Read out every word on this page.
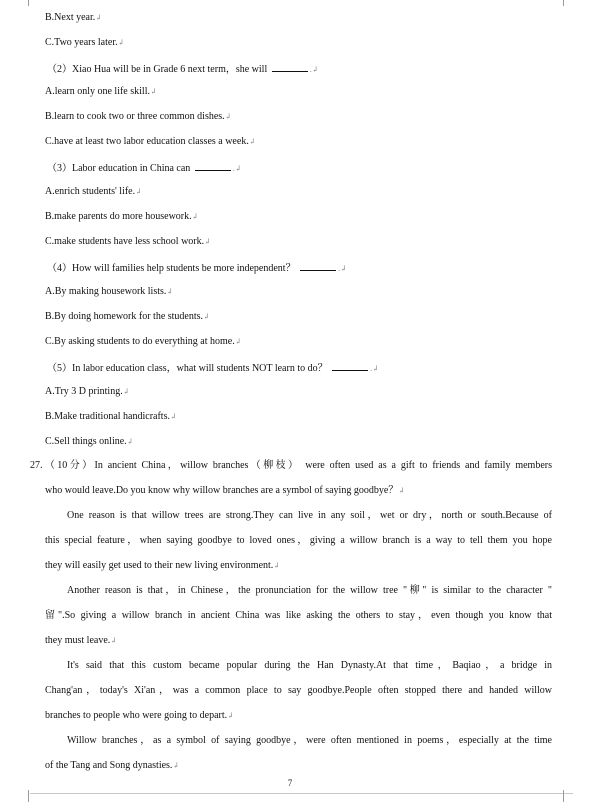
B.Next year.↲
C.Two years later.↲
（2）Xiao Hua will be in Grade 6 next term，she will	.↲
A.learn only one life skill.↲
B.learn to cook two or three common dishes.↲
C.have at least two labor education classes a week.↲
（3）Labor education in China can	.↲
A.enrich students' life.↲
B.make parents do more housework.↲
C.make students have less school work.↲
（4）How will families help students be more independent？	.↲
A.By making housework lists.↲
B.By doing homework for the students.↲
C.By asking students to do everything at home.↲
（5）In labor education class，what will students NOT learn to do？	.↲
A.Try 3 D printing.↲
B.Make traditional handicrafts.↲
C.Sell things online.↲
27.（10分）In ancient China，willow branches（柳枝） were often used as a gift to friends and family members
who would leave.Do you know why willow branches are a symbol of saying goodbye？↲
One reason is that willow trees are strong.They can live in any soil，wet or dry，north or south.Because of
this special feature，when saying goodbye to loved ones，giving a willow branch is a way to tell them you hope
they will easily get used to their new living environment.↲
Another reason is that，in Chinese，the pronunciation for the willow tree "柳" is similar to the character "
留".So giving a willow branch in ancient China was like asking the others to stay，even though you know that
they must leave.↲
It's said that this custom became popular during the Han Dynasty.At that time，Baqiao，a bridge in
Chang'an，today's Xi'an，was a common place to say goodbye.People often stopped there and handed willow
branches to people who were going to depart.↲
Willow branches，as a symbol of saying goodbye，were often mentioned in poems，especially at the time
of the Tang and Song dynasties.↲
7
